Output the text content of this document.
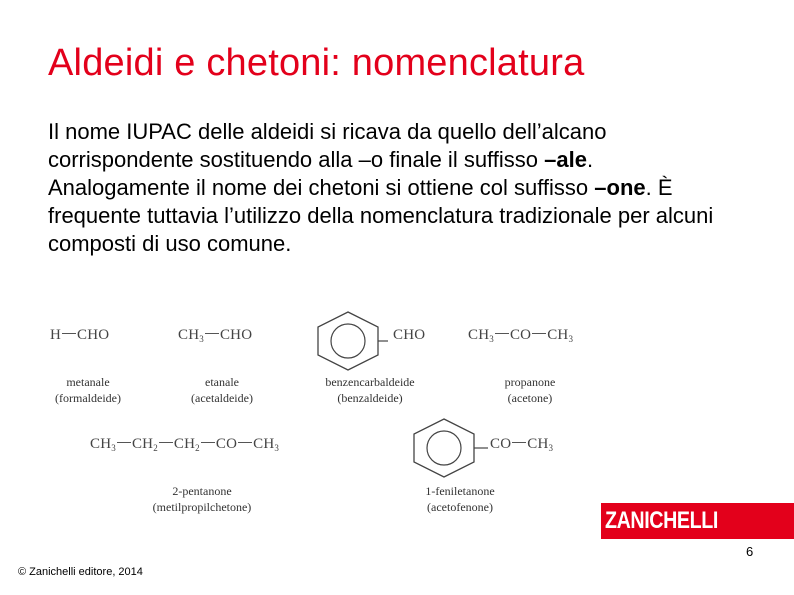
Aldeidi e chetoni: nomenclatura
Il nome IUPAC delle aldeidi si ricava da quello dell’alcano corrispondente sostituendo alla –o finale il suffisso –ale. Analogamente il nome dei chetoni si ottiene col suffisso –one. È frequente tuttavia l’utilizzo della nomenclatura tradizionale per alcuni composti di uso comune.
H CHO	$CH_3$ CHO	CHO	$CH_3$ CO $CH_3$
metanale
(formaldeide)
etanale
(acetaldeide)
benzencarbaldeide
(benzaldeide)
propanone
(acetone)
$CH_3$ $CH_2$ $CH_2$ CO $CH_3$	CO $CH_3$
2-pentanone
(metilpropilchetone)
1-feniletanone
(acetofenone)	ZANICHELLI
6
© Zanichelli editore, 2014
